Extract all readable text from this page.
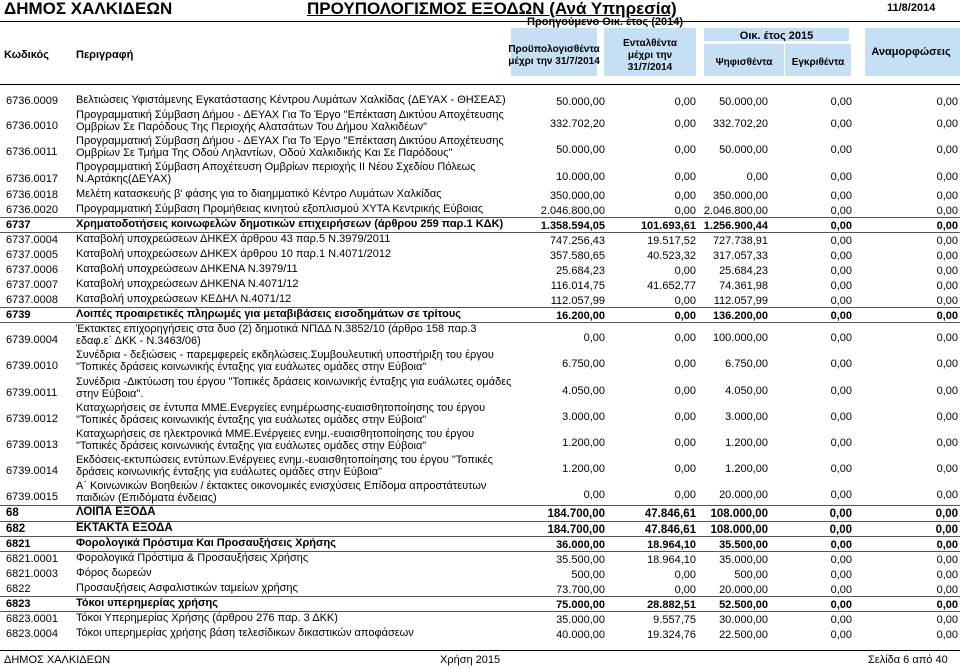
ΔΗΜΟΣ ΧΑΛΚΙΔΕΩΝ	ΠΡΟΥΠΟΛΟΓΙΣΜΟΣ ΕΞΟΔΩΝ (Ανά Υπηρεσία)	11/8/2014
Προηγούμενο Οικ. έτος (2014)
Οικ. έτος 2015
Κωδικός	Περιγραφή	Προϋπολογισθέντα μέχρι την 31/7/2014
Ενταλθέντα μέχρι την 31/7/2014	Ψηφισθέντα	Εγκριθέντα
Αναμορφώσεις
6736.0009 Βελτιώσεις Υφιστάμενης Εγκατάστασης Κέντρου Λυμάτων Χαλκίδας (ΔΕΥΑΧ - ΘΗΣΕΑΣ)	50.000,00	0,00	50.000,00	0,00	0,00
6736.0010
Προγραμματική Σύμβαση Δήμου - ΔΕΥΑΧ Για Το Έργο "Επέκταση Δικτύου Αποχέτευσης
Ομβρίων Σε Παρόδους Της Περιοχής Αλατσάτων Του Δήμου Χαλκιδέων"	332.702,20	0,00	332.702,20	0,00	0,00
6736.0011
Προγραμματική Σύμβαση Δήμου - ΔΕΥΑΧ Για Το Έργο "Επέκταση Δικτύου Αποχέτευσης
Ομβρίων Σε Τμήμα Της Οδού Ληλαντίων, Οδού Χαλκιδικής Και Σε Παρόδους"	50.000,00	0,00	50.000,00	0,00	0,00
6736.0017
Προγραμματική Σύμβαση Αποχέτευση Ομβρίων περιοχής ΙΙ Νέου Σχεδίου Πόλεως
Ν.Αρτάκης(ΔΕΥΑΧ)	10.000,00	0,00	0,00	0,00	0,00
6736.0018 Μελέτη κατασκευής β' φάσης για το διαημματικό Κέντρο Λυμάτων Χαλκίδας	350.000,00	0,00	350.000,00	0,00	0,00
6736.0020 Προγραμματική Σύμβαση Προμήθειας κινητού εξοπλισμού ΧΥΤΑ Κεντρικής Εύβοιας	2.046.800,00	0,00 2.046.800,00	0,00	0,00
6737	Χρηματοδοτήσεις κοινωφελών δημοτικών επιχειρήσεων (άρθρου 259 παρ.1 ΚΔΚ)	1.358.594,05	101.693,61 1.256.900,44	0,00	0,00
6737.0004 Καταβολή υποχρεώσεων ΔΗΚΕΧ άρθρου 43 παρ.5 Ν.3979/2011	747.256,43	19.517,52	727.738,91	0,00	0,00
6737.0005 Καταβολή υποχρεώσεων ΔΗΚΕΧ άρθρου 10 παρ.1 Ν.4071/2012	357.580,65	40.523,32	317.057,33	0,00	0,00
6737.0006 Καταβολή υποχρεώσεων ΔΗΚΕΝΑ Ν.3979/11	25.684,23	0,00	25.684,23	0,00	0,00
6737.0007 Καταβολή υποχρεώσεων ΔΗΚΕΝΑ Ν.4071/12	116.014,75	41.652,77	74.361,98	0,00	0,00
6737.0008 Καταβολή υποχρεώσεων ΚΕΔΗΛ Ν.4071/12	112.057,99	0,00	112.057,99	0,00	0,00
6739	Λοιπές προαιρετικές πληρωμές για μεταβιβάσεις εισοδημάτων σε τρίτους	16.200,00	0,00	136.200,00	0,00	0,00
6739.0004
Έκτακτες επιχορηγήσεις στα δυο (2) δημοτικά ΝΠΔΔ Ν.3852/10 (άρθρο 158 παρ.3
εδαφ.ε΄ ΔΚΚ - Ν.3463/06)	0,00	0,00	100.000,00	0,00	0,00
6739.0010
Συνέδρια - δεξιώσεις - παρεμφερείς εκδηλώσεις.Συμβουλευτική υποστήριξη του έργου
"Τοπικές δράσεις κοινωνικής ένταξης για ευάλωτες ομάδες στην Εύβοια"	6.750,00	0,00	6.750,00	0,00	0,00
6739.0011
Συνέδρια -Δικτύωση του έργου "Τοπικές δράσεις κοινωνικής ένταξης για ευάλωτες ομάδες
στην Εύβοια".	4.050,00	0,00	4.050,00	0,00	0,00
6739.0012
Καταχωρήσεις σε έντυπα ΜΜΕ.Ενεργείες ενημέρωσης-ευαισθητοποίησης του έργου
"Τοπικές δράσεις κοινωνικής ένταξης για ευάλωτες ομάδες στην Εύβοια"	3.000,00	0,00	3.000,00	0,00	0,00
6739.0013
Καταχωρήσεις σε ηλεκτρονικά ΜΜΕ.Ενέργειες ενημ.-ευαισθητοποίησης του έργου
"Τοπικές δράσεις κοινωνικής ένταξης για ευάλωτες ομάδες στην Εύβοια"	1.200,00	0,00	1.200,00	0,00	0,00
6739.0014
Εκδόσεις-εκτυπώσεις εντύπων.Ενέργειες ενημ.-ευαισθητοποίησης του έργου "Τοπικές
δράσεις κοινωνικής ένταξης για ευάλωτες ομάδες στην Εύβοια"	1.200,00	0,00	1.200,00	0,00	0,00
6739.0015
Α΄ Κοινωνικών Βοηθειών / έκτακτες οικονομικές ενισχύσεις Επίδομα απροστάτευτων
παιδιών (Επιδόματα ένδειας)	0,00	0,00	20.000,00	0,00	0,00
68	ΛΟΙΠΑ ΕΞΟΔΑ	184.700,00	47.846,61	108.000,00	0,00	0,00
682	ΕΚΤΑΚΤΑ ΕΞΟΔΑ	184.700,00	47.846,61	108.000,00	0,00	0,00
6821	Φορολογικά Πρόστιμα Και Προσαυξήσεις Χρήσης	36.000,00	18.964,10	35.500,00	0,00	0,00
6821.0001 Φορολογικά Πρόστιμα & Προσαυξήσεις Χρήσης	35.500,00	18.964,10	35.000,00	0,00	0,00
6821.0003 Φόρος δωρεών	500,00	0,00	500,00	0,00	0,00
6822	Προσαυξήσεις Ασφαλιστικών ταμείων χρήσης	73.700,00	0,00	20.000,00	0,00	0,00
6823	Τόκοι υπερημερίας χρήσης	75.000,00	28.882,51	52.500,00	0,00	0,00
6823.0001 Τόκοι Υπερημερίας Χρήσης (άρθρου 276 παρ. 3 ΔΚΚ)	35.000,00	9.557,75	30.000,00	0,00	0,00
6823.0004 Τόκοι υπερημερίας χρήσης βάση τελεσίδικων δικαστικών αποφάσεων	40.000,00	19.324,76	22.500,00	0,00	0,00
ΔΗΜΟΣ ΧΑΛΚΙΔΕΩΝ	Χρήση 2015	Σελίδα 6 από 40
